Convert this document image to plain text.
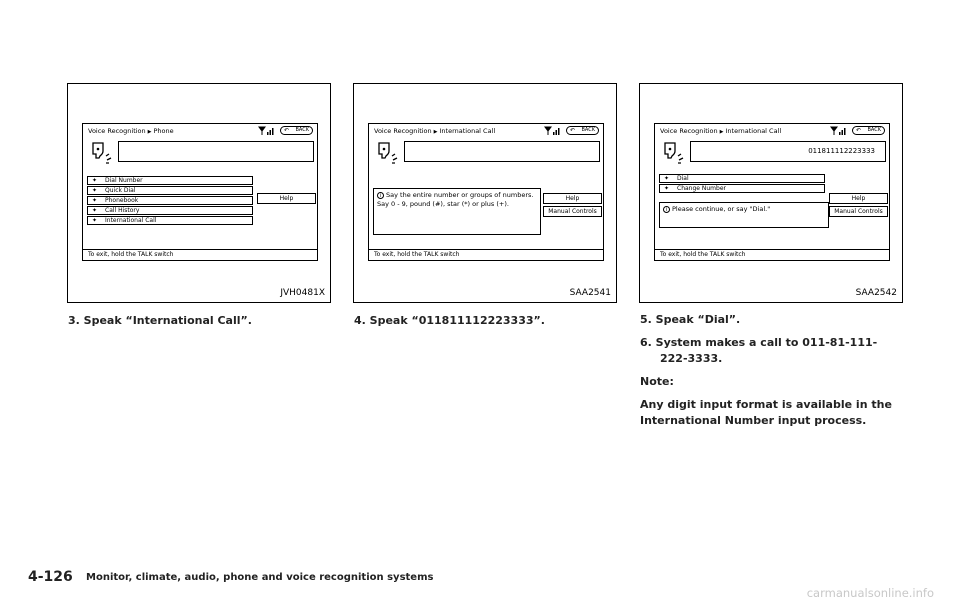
Voice Recognition ▶ Phone	↶ BACK
✦ Dial Number
✦ Quick Dial
✦ Phonebook
✦ Call History
✦ International Call
Help
To exit, hold the TALK switch
JVH0481X
Voice Recognition ▶ International Call	↶ BACK
i Say the entire number or groups of numbers. Say 0 - 9, pound (#), star (*) or plus (+).
Help
Manual Controls
To exit, hold the TALK switch
SAA2541
Voice Recognition ▶ International Call	↶ BACK
011811112223333
✦ Dial
✦ Change Number
i Please continue, or say "Dial."
Help
Manual Controls
To exit, hold the TALK switch
SAA2542
3. Speak “International Call”.	4. Speak “011811112223333”.	5. Speak “Dial”.
6. System makes a call to 011-81-111-
222-3333.
Note:
Any digit input format is available in the
International Number input process.
4-126 Monitor, climate, audio, phone and voice recognition systems
carmanualsonline.info
